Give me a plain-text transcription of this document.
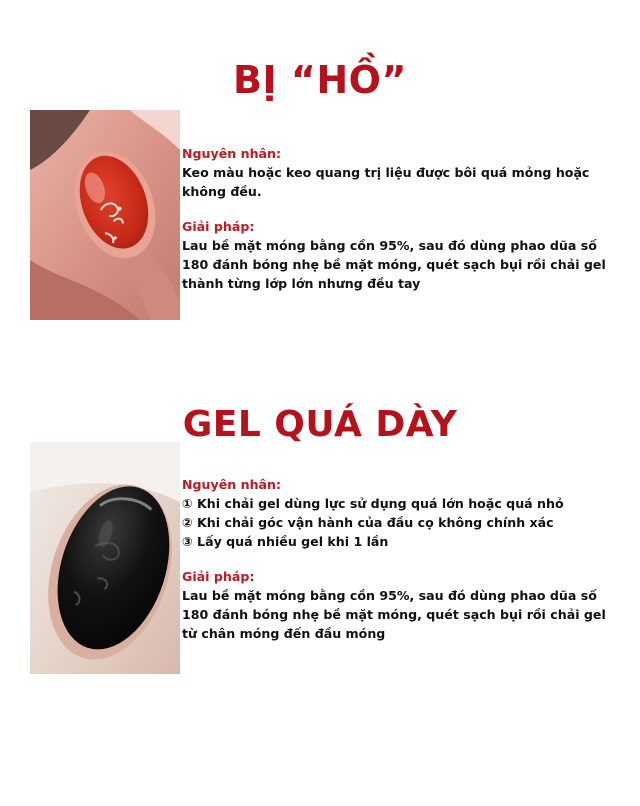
BỊ “HỒ”

Nguyên nhân:

Keo màu hoặc keo quang trị liệu được bôi quá mỏng hoặc không đều.

Giải pháp:

Lau bề mặt móng bằng cồn 95%, sau đó dùng phao dũa số 180 đánh bóng nhẹ bề mặt móng, quét sạch bụi rồi chải gel thành từng lớp lớn nhưng đều tay

GEL QUÁ DÀY

Nguyên nhân:

① Khi chải gel dùng lực sử dụng quá lớn hoặc quá nhỏ

② Khi chải góc vận hành của đầu cọ không chính xác

③ Lấy quá nhiều gel khi 1 lần

Giải pháp:

Lau bề mặt móng bằng cồn 95%, sau đó dùng phao dũa số 180 đánh bóng nhẹ bề mặt móng, quét sạch bụi rồi chải gel từ chân móng đến đầu móng
